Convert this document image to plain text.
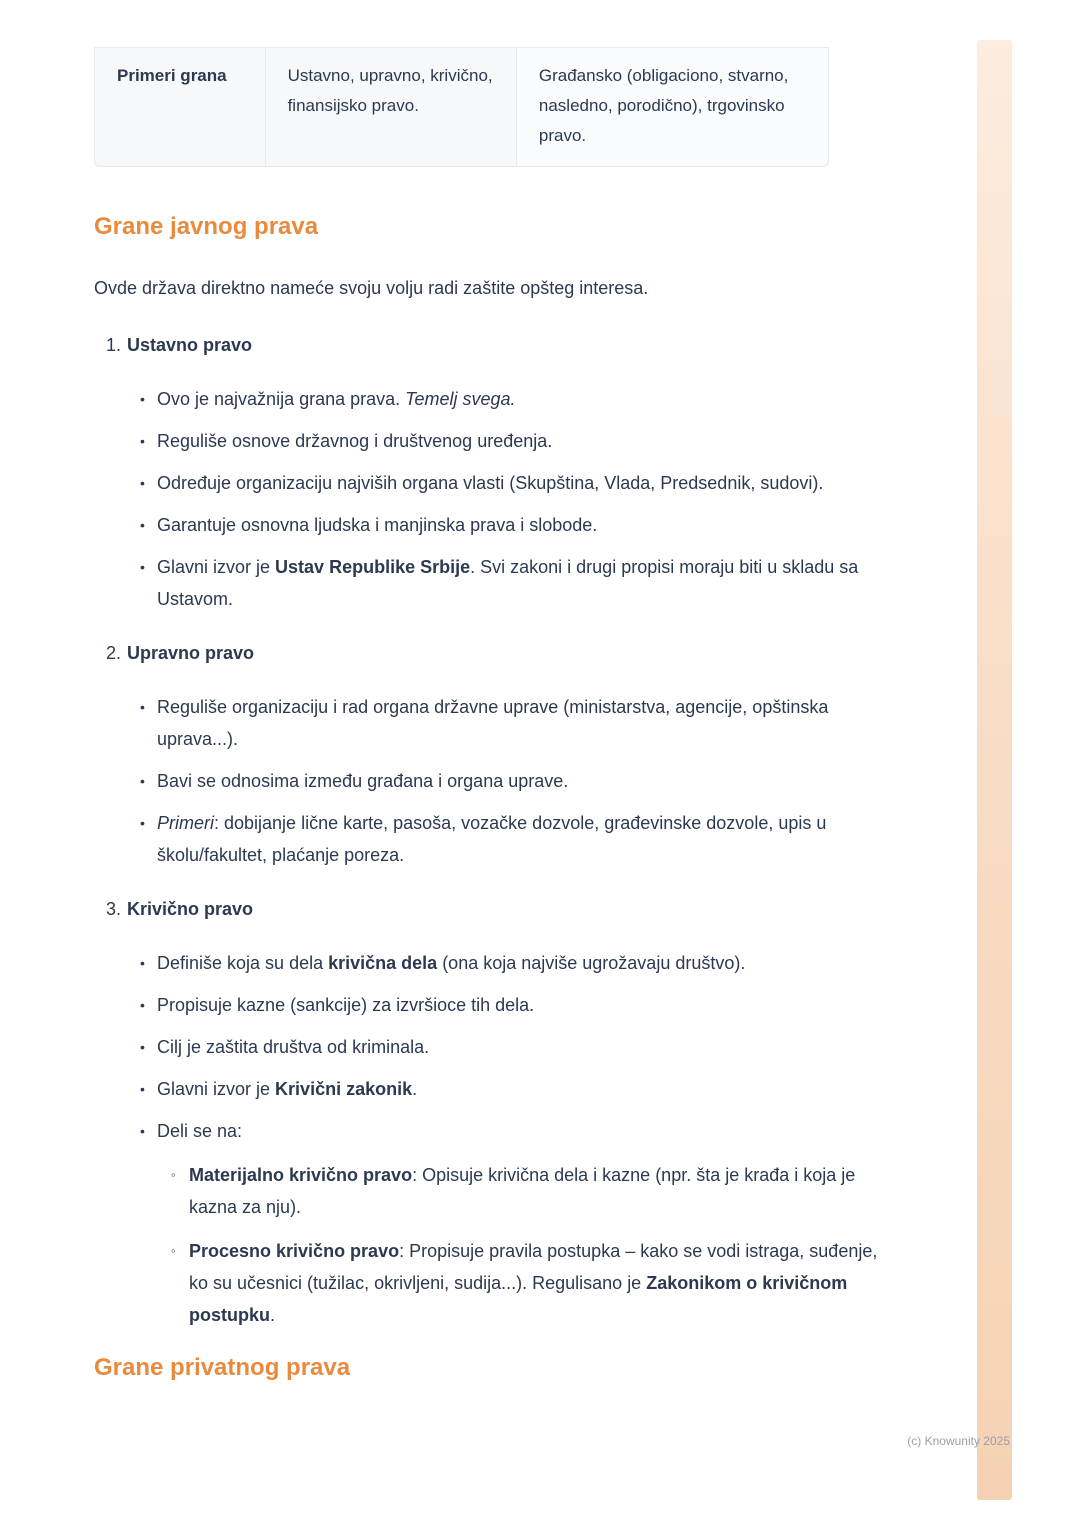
Primeri grana	Ustavno, upravno, krivično, finansijsko pravo.
Građansko (obligaciono, stvarno, nasledno, porodično), trgovinsko pravo.
Grane javnog prava

Ovde država direktno nameće svoju volju radi zaštite opšteg interesa.

1. Ustavno pravo
• Ovo je najvažnija grana prava. Temelj svega.
• Reguliše osnove državnog i društvenog uređenja.
• Određuje organizaciju najviših organa vlasti (Skupština, Vlada, Predsednik, sudovi).
• Garantuje osnovna ljudska i manjinska prava i slobode.
• Glavni izvor je Ustav Republike Srbije. Svi zakoni i drugi propisi moraju biti u skladu sa Ustavom.
2. Upravno pravo
• Reguliše organizaciju i rad organa državne uprave (ministarstva, agencije, opštinska uprava...).
• Bavi se odnosima između građana i organa uprave.
• Primeri: dobijanje lične karte, pasoša, vozačke dozvole, građevinske dozvole, upis u školu/fakultet, plaćanje poreza.
3. Krivično pravo
• Definiše koja su dela krivična dela (ona koja najviše ugrožavaju društvo).
• Propisuje kazne (sankcije) za izvršioce tih dela.
• Cilj je zaštita društva od kriminala.
• Glavni izvor je Krivični zakonik.
• Deli se na:
◦ Materijalno krivično pravo: Opisuje krivična dela i kazne (npr. šta je krađa i koja je kazna za nju).
◦ Procesno krivično pravo: Propisuje pravila postupka – kako se vodi istraga, suđenje, ko su učesnici (tužilac, okrivljeni, sudija...). Regulisano je Zakonikom o krivičnom postupku.
Grane privatnog prava
(c) Knowunity 2025
